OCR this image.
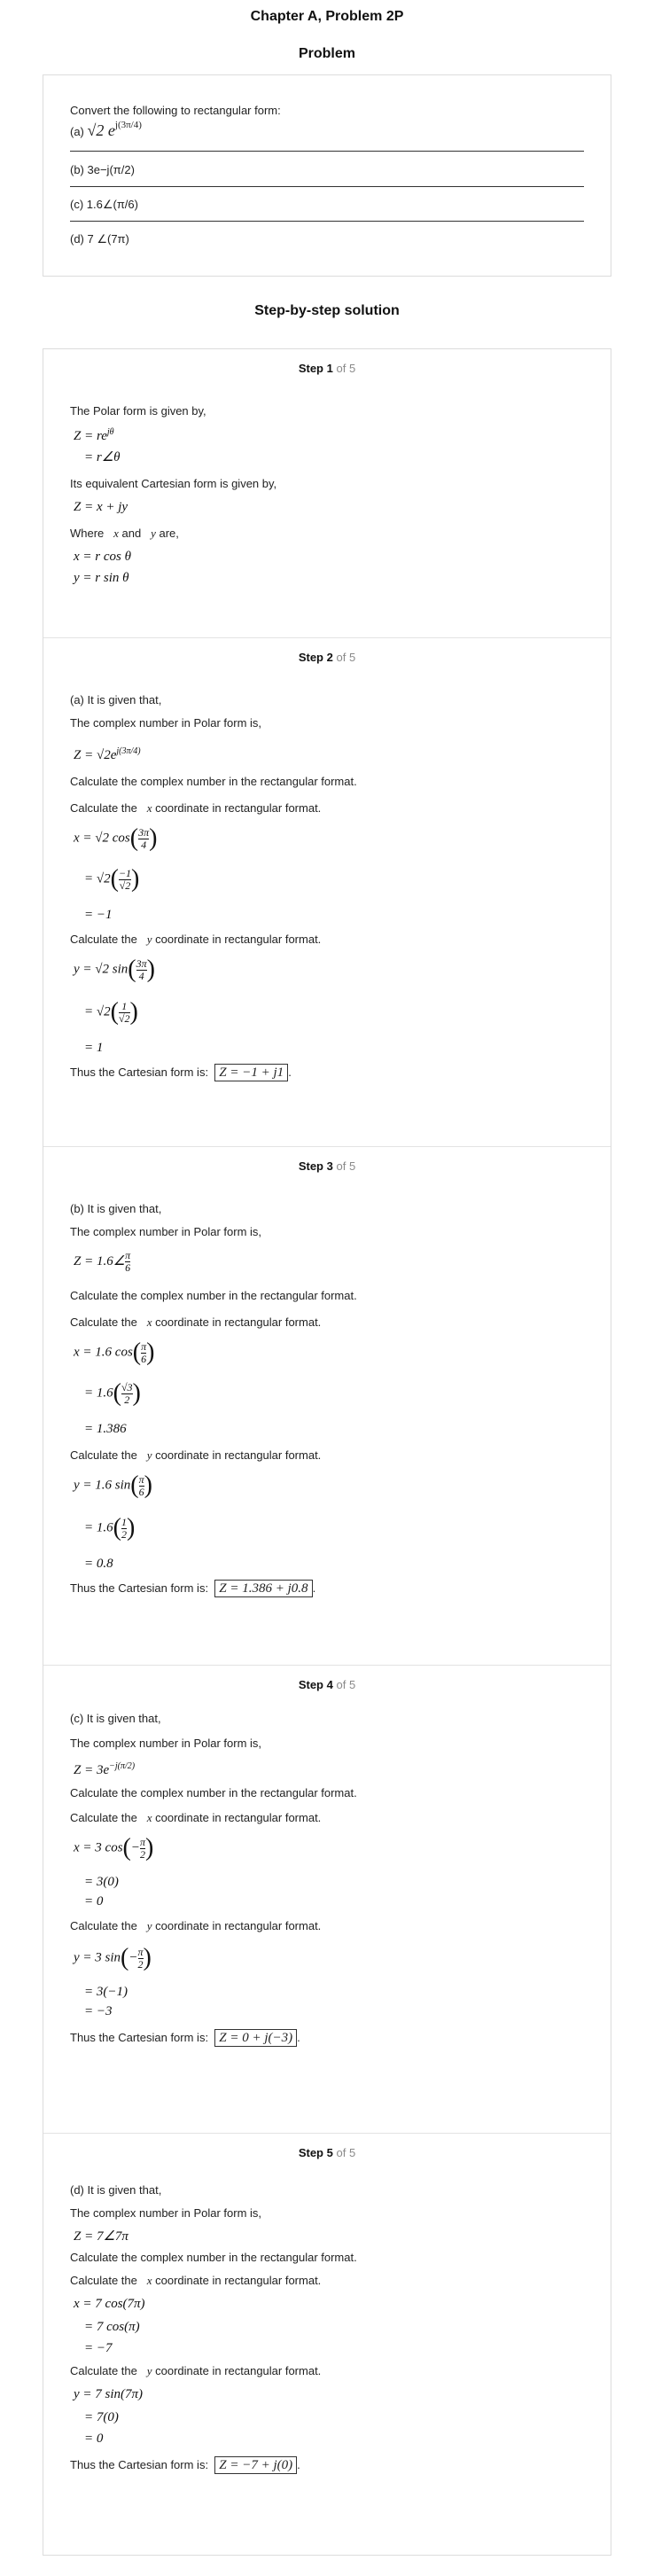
Chapter A, Problem 2P
Problem
Convert the following to rectangular form:
(a) √2 $e^{j(3\pi/4)}$
(b) 3e−j(π/2)
(c) 1.6∠(π/6)
(d) 7 ∠(7π)
Step-by-step solution
Step 1 of 5
The Polar form is given by,
$Z = re^{j\theta}$
= r∠θ
Its equivalent Cartesian form is given by,
Z = x + jy
Where x and y are,
x = r cos θ
y = r sin θ
Step 2 of 5
(a) It is given that,
The complex number in Polar form is,
$Z = √2e^{j(3\pi/4)}$
Calculate the complex number in the rectangular format.
Calculate the x coordinate in rectangular format.
x = √2 $\cos( \frac{3\pi}{4}$ )
= $√2( \frac{-1}{√2}$ )
= −1
Calculate the y coordinate in rectangular format.
y = √2 $\sin( \frac{3\pi}{4}$ )
= $√2( \frac{1}{√2}$ )
= 1
Thus the Cartesian form is: Z = −1 + j1 .
Step 3 of 5
(b) It is given that,
The complex number in Polar form is,
Z = 1.6∠ $\frac{\pi}{6}$
Calculate the complex number in the rectangular format.
Calculate the x coordinate in rectangular format.
x = 1.6 $\cos( \frac{\pi}{6}$ )
= $1.6( \frac{√3}{2}$ )
= 1.386
Calculate the y coordinate in rectangular format.
y = 1.6 $\sin( \frac{\pi}{6}$ )
= $1.6( \frac{1}{2}$ )
= 0.8
Thus the Cartesian form is: Z = 1.386 + j0.8 .
Step 4 of 5
(c) It is given that,
The complex number in Polar form is,
$Z = 3e^{-j(\pi/2)}$
Calculate the complex number in the rectangular format.
Calculate the x coordinate in rectangular format.
x = 3 $\cos(- \frac{\pi}{2}$ )
= 3(0)
= 0
Calculate the y coordinate in rectangular format.
y = 3 $\sin(- \frac{\pi}{2}$ )
= 3(−1)
= −3
Thus the Cartesian form is: Z = 0 + j(−3) .
Step 5 of 5
(d) It is given that,
The complex number in Polar form is,
Z = 7∠7π
Calculate the complex number in the rectangular format.
Calculate the x coordinate in rectangular format.
x = 7 cos(7π)
= 7 cos(π)
= −7
Calculate the y coordinate in rectangular format.
y = 7 sin(7π)
= 7(0)
= 0
Thus the Cartesian form is: Z = −7 + j(0) .
